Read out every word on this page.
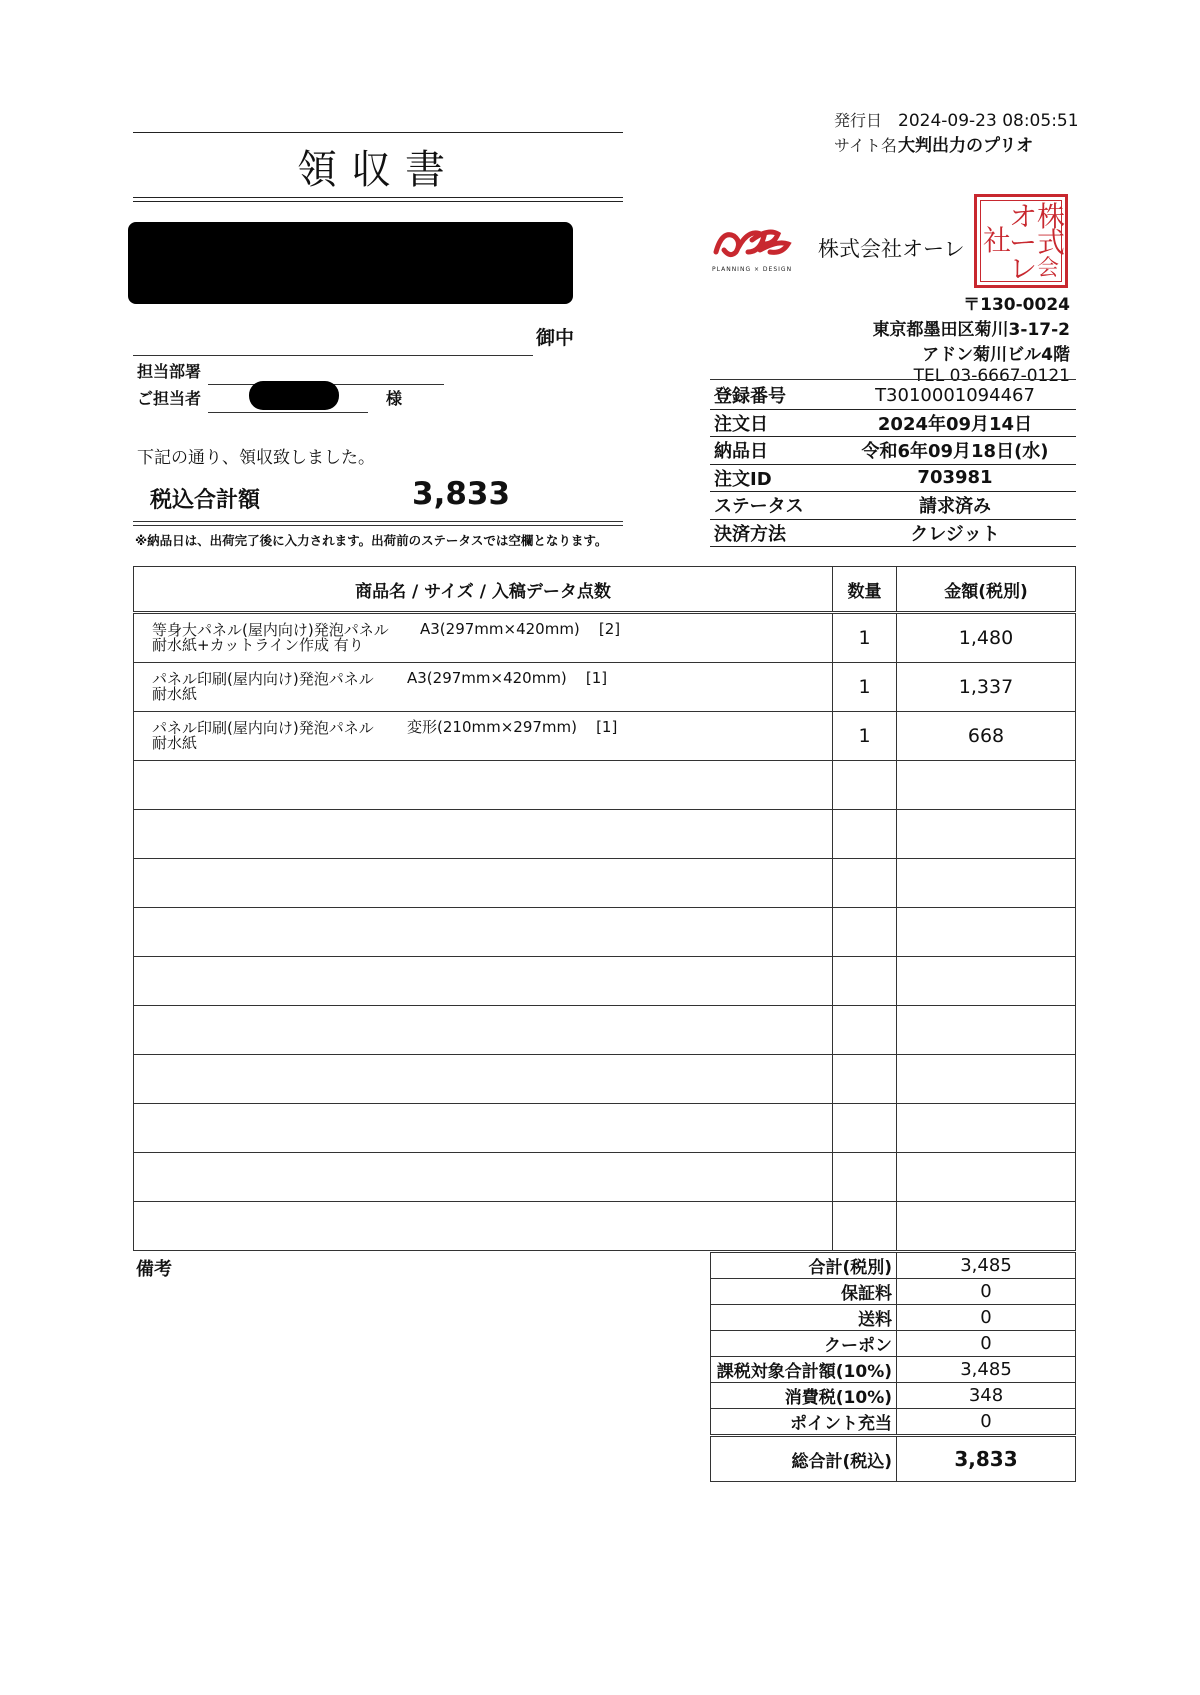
発行日 2024-09-23 08:05:51
サイト名大判出力のプリオ
領収書
御中
担当部署
ご担当者	様
下記の通り、領収致しました。
税込合計額	3,833
※納品日は、出荷完了後に入力されます。出荷前のステータスでは空欄となります。
PLANNING × DESIGN
株式会社オーレ
株
式
会
オ
ー
レ
社
〒130-0024
東京都墨田区菊川3-17-2
アドン菊川ビル4階
TEL 03-6667-0121
登録番号	T3010001094467
注文日	2024年09月14日
納品日	令和6年09月18日(水)
注文ID	703981
ステータス	請求済み
決済方法	クレジット
商品名 / サイズ / 入稿データ点数	数量	金額(税別)

等身大パネル(屋内向け)発泡パネル
耐水紙+カットライン作成 有り
A3(297mm×420mm) [2]	1	1,480

パネル印刷(屋内向け)発泡パネル
耐水紙
A3(297mm×420mm) [1]	1	1,337

パネル印刷(屋内向け)発泡パネル
耐水紙
変形(210mm×297mm) [1]	1	668

備考	合計(税別)	3,485
保証料	0
送料	0
クーポン	0
課税対象合計額(10%)	3,485
消費税(10%)	348
ポイント充当	0
総合計(税込)	3,833
